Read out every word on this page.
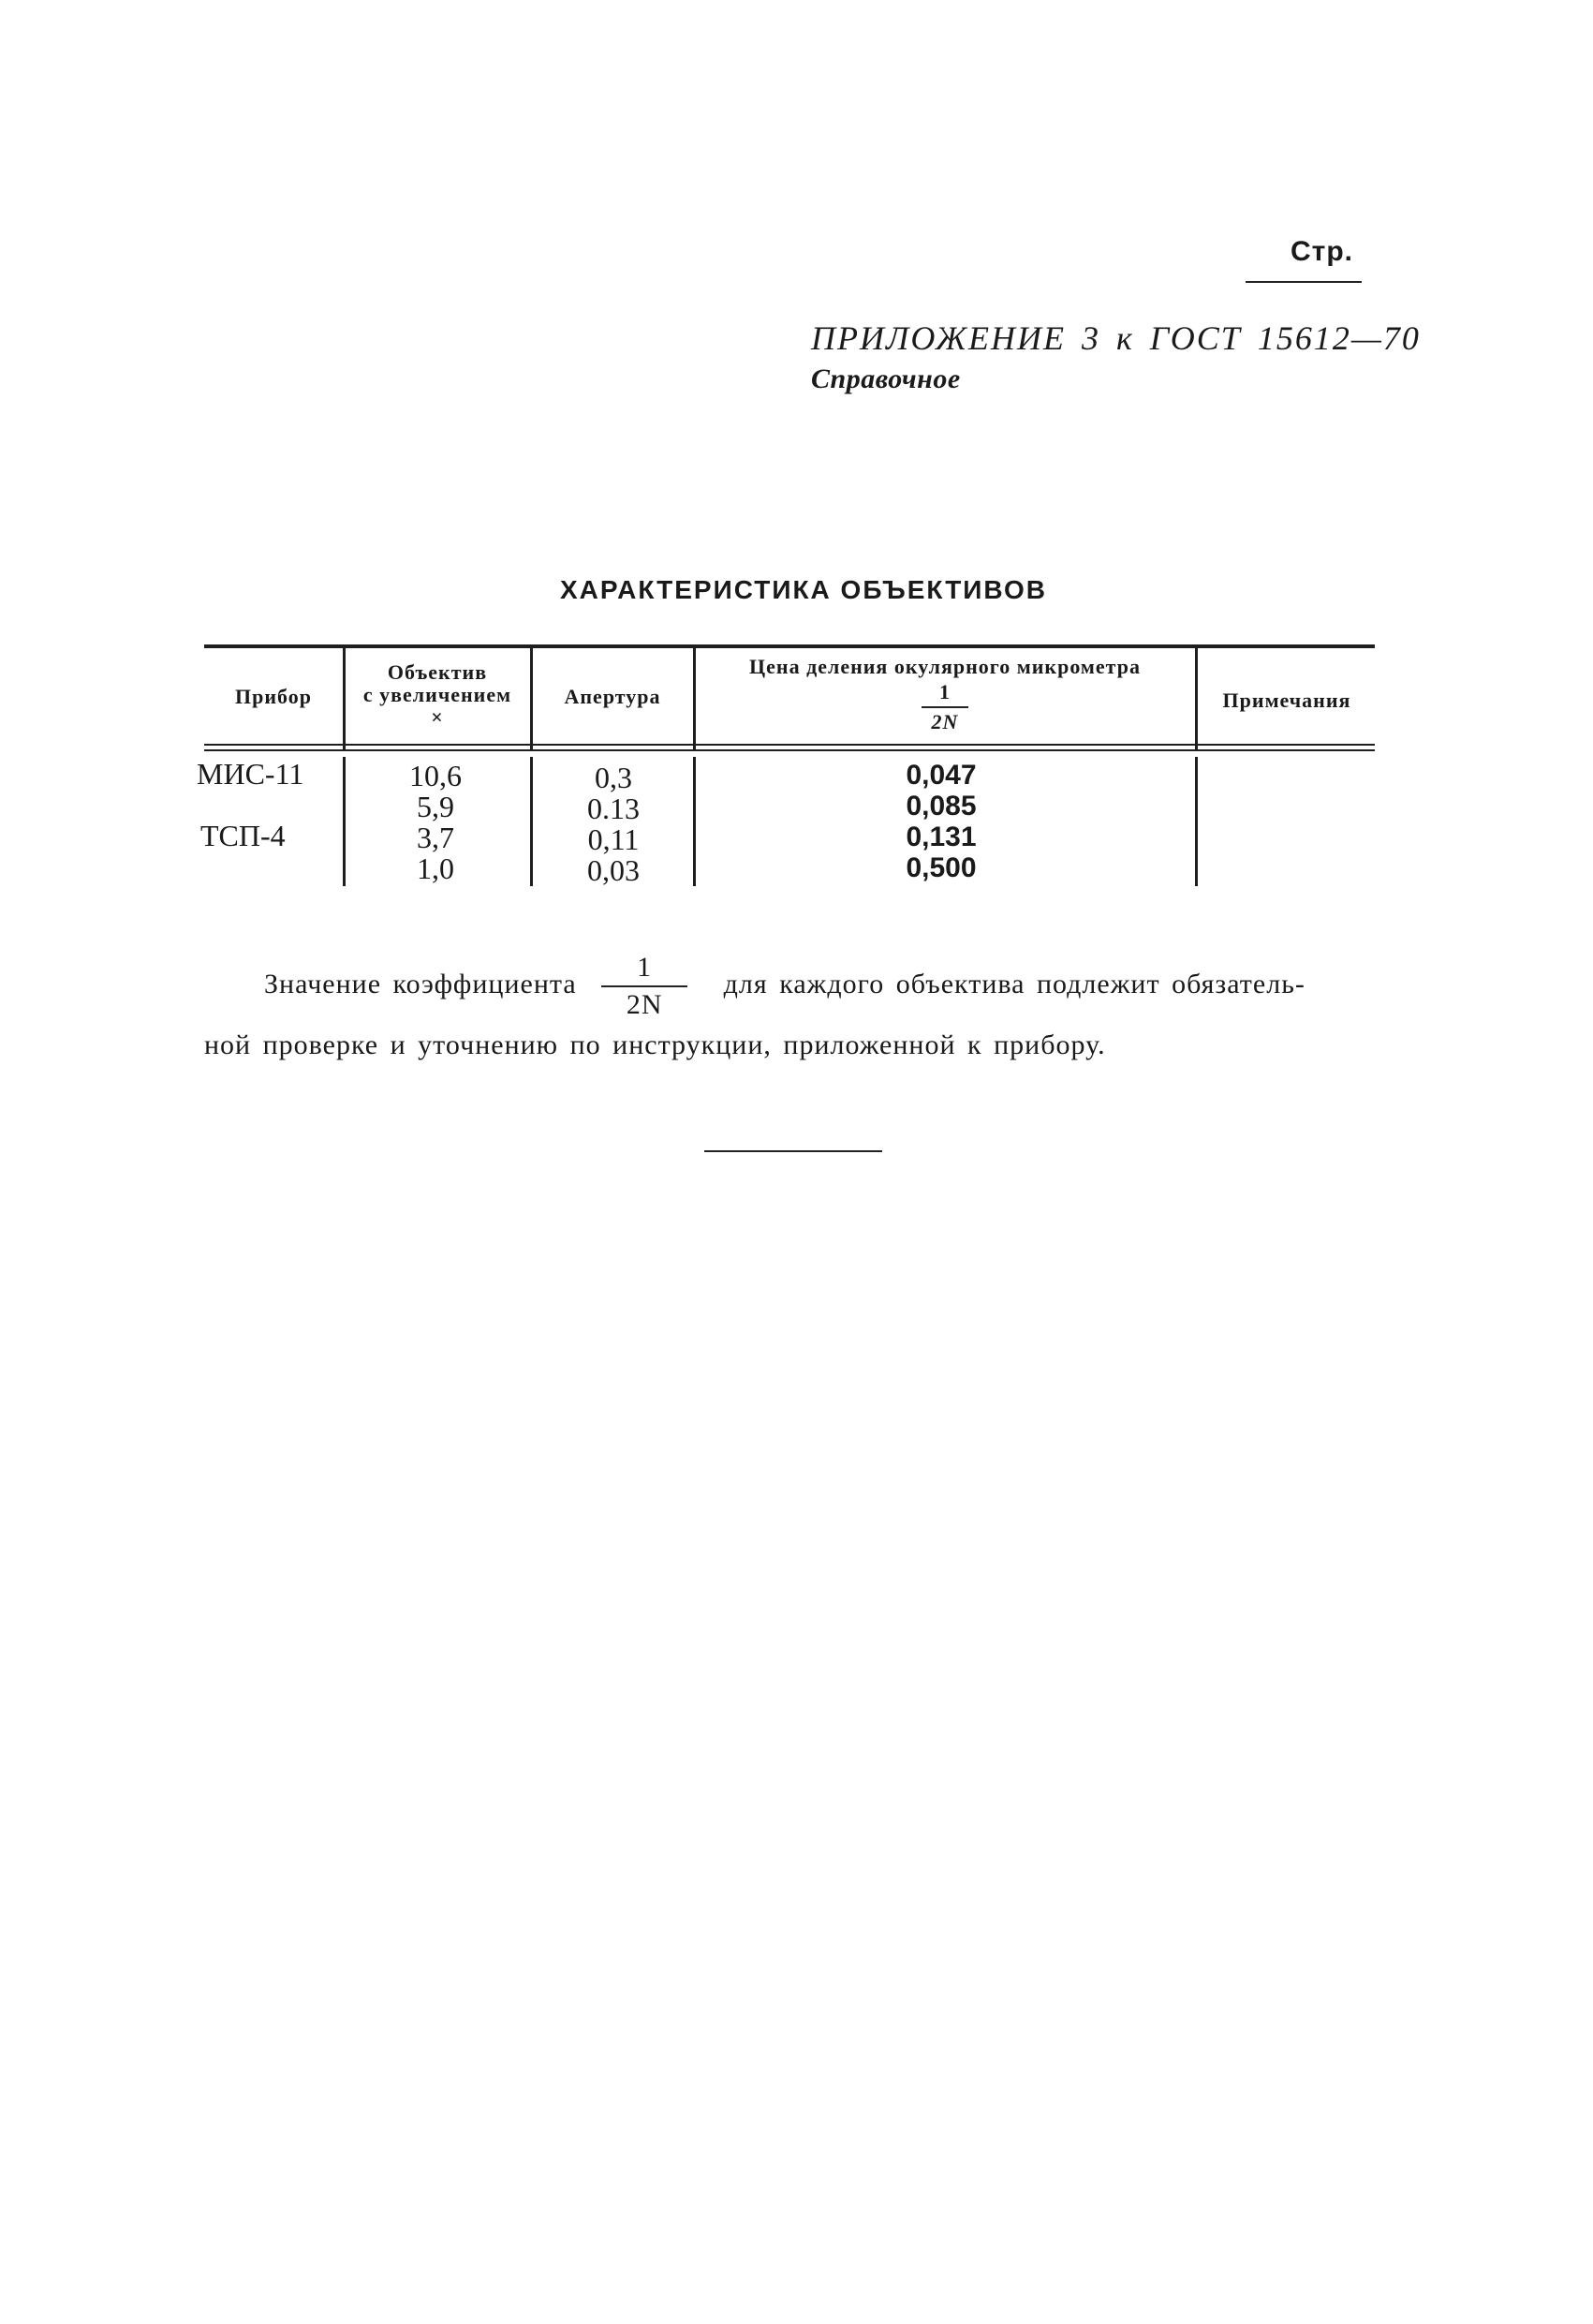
Стр.
ПРИЛОЖЕНИЕ 3 к ГОСТ 15612—70
Справочное
ХАРАКТЕРИСТИКА ОБЪЕКТИВОВ
Прибор
Объектив
с увеличением
×
Апертура
Цена деления окулярного микрометра
$\frac{1}{2N}$	Примечания
МИС-11
ТСП-4
10,6
5,9
3,7
1,0
0,3
0.13
0,11
0,03
0,047
0,085
0,131
0,500
Значение коэффициента $\frac{1}{2N}$ для каждого объектива подлежит обязатель-
ной проверке и уточнению по инструкции, приложенной к прибору.
